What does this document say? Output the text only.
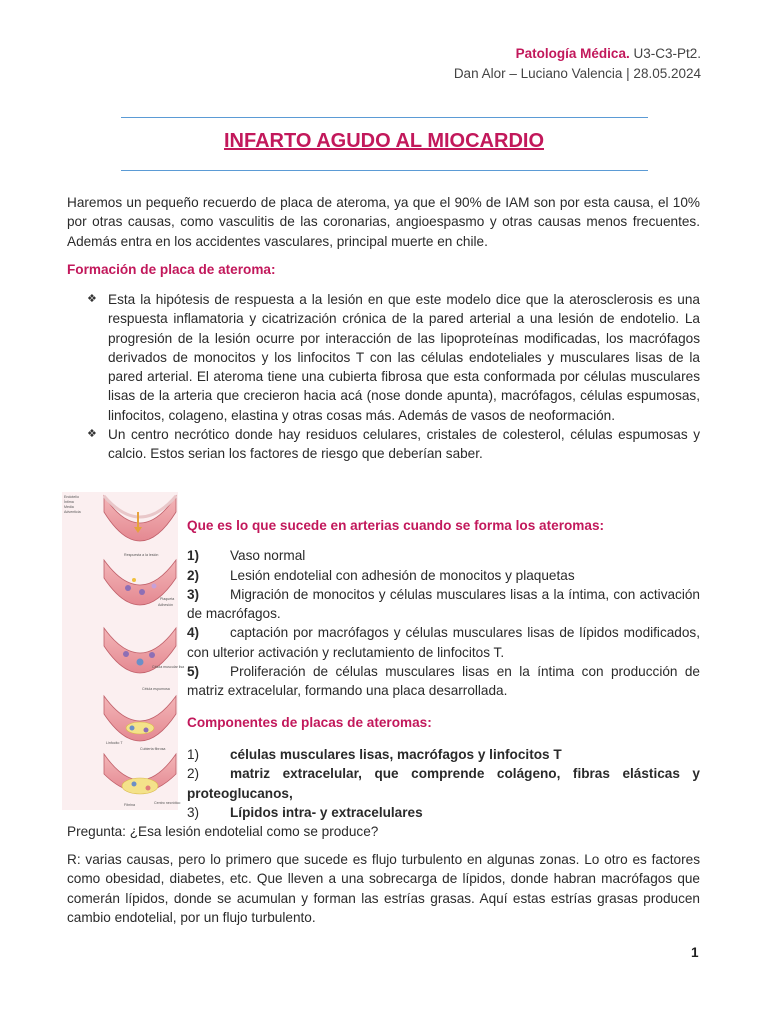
Patología Médica. U3-C3-Pt2.
Dan Alor – Luciano Valencia | 28.05.2024
INFARTO AGUDO AL MIOCARDIO
Haremos un pequeño recuerdo de placa de ateroma, ya que el 90% de IAM son por esta causa, el 10% por otras causas, como vasculitis de las coronarias, angioespasmo y otras causas menos frecuentes. Además entra en los accidentes vasculares, principal muerte en chile.
Formación de placa de ateroma:
❖ Esta la hipótesis de respuesta a la lesión en que este modelo dice que la aterosclerosis es una respuesta inflamatoria y cicatrización crónica de la pared arterial a una lesión de endotelio. La progresión de la lesión ocurre por interacción de las lipoproteínas modificadas, los macrófagos derivados de monocitos y los linfocitos T con las células endoteliales y musculares lisas de la pared arterial. El ateroma tiene una cubierta fibrosa que esta conformada por células musculares lisas de la arteria que crecieron hacia acá (nose donde apunta), macrófagos, células espumosas, linfocitos, colageno, elastina y otras cosas más. Además de vasos de neoformación.
❖ Un centro necrótico donde hay residuos celulares, cristales de colesterol, células espumosas y calcio. Estos serian los factores de riesgo que deberían saber.
Endotelio
Íntima
Media
Adventicia
Respuesta a la lesión
Plaqueta
Adhesión
Célula muscular lisa
Célula espumosa
Linfocito T
Cubierta fibrosa
Centro necrótico
Fibrina
Que es lo que sucede en arterias cuando se forma los ateromas:
1) Vaso normal
2) Lesión endotelial con adhesión de monocitos y plaquetas
3) Migración de monocitos y células musculares lisas a la íntima, con activación de macrófagos.
4) captación por macrófagos y células musculares lisas de lípidos modificados, con ulterior activación y reclutamiento de linfocitos T.
5) Proliferación de células musculares lisas en la íntima con producción de matriz extracelular, formando una placa desarrollada.
Componentes de placas de ateromas:
1) células musculares lisas, macrófagos y linfocitos T
2) matriz extracelular, que comprende colágeno, fibras elásticas y proteoglucanos,
3) Lípidos intra- y extracelulares
Pregunta: ¿Esa lesión endotelial como se produce?
R: varias causas, pero lo primero que sucede es flujo turbulento en algunas zonas. Lo otro es factores como obesidad, diabetes, etc. Que lleven a una sobrecarga de lípidos, donde habran macrófagos que comerán lípidos, donde se acumulan y forman las estrías grasas. Aquí estas estrías grasas producen cambio endotelial, por un flujo turbulento.
1
